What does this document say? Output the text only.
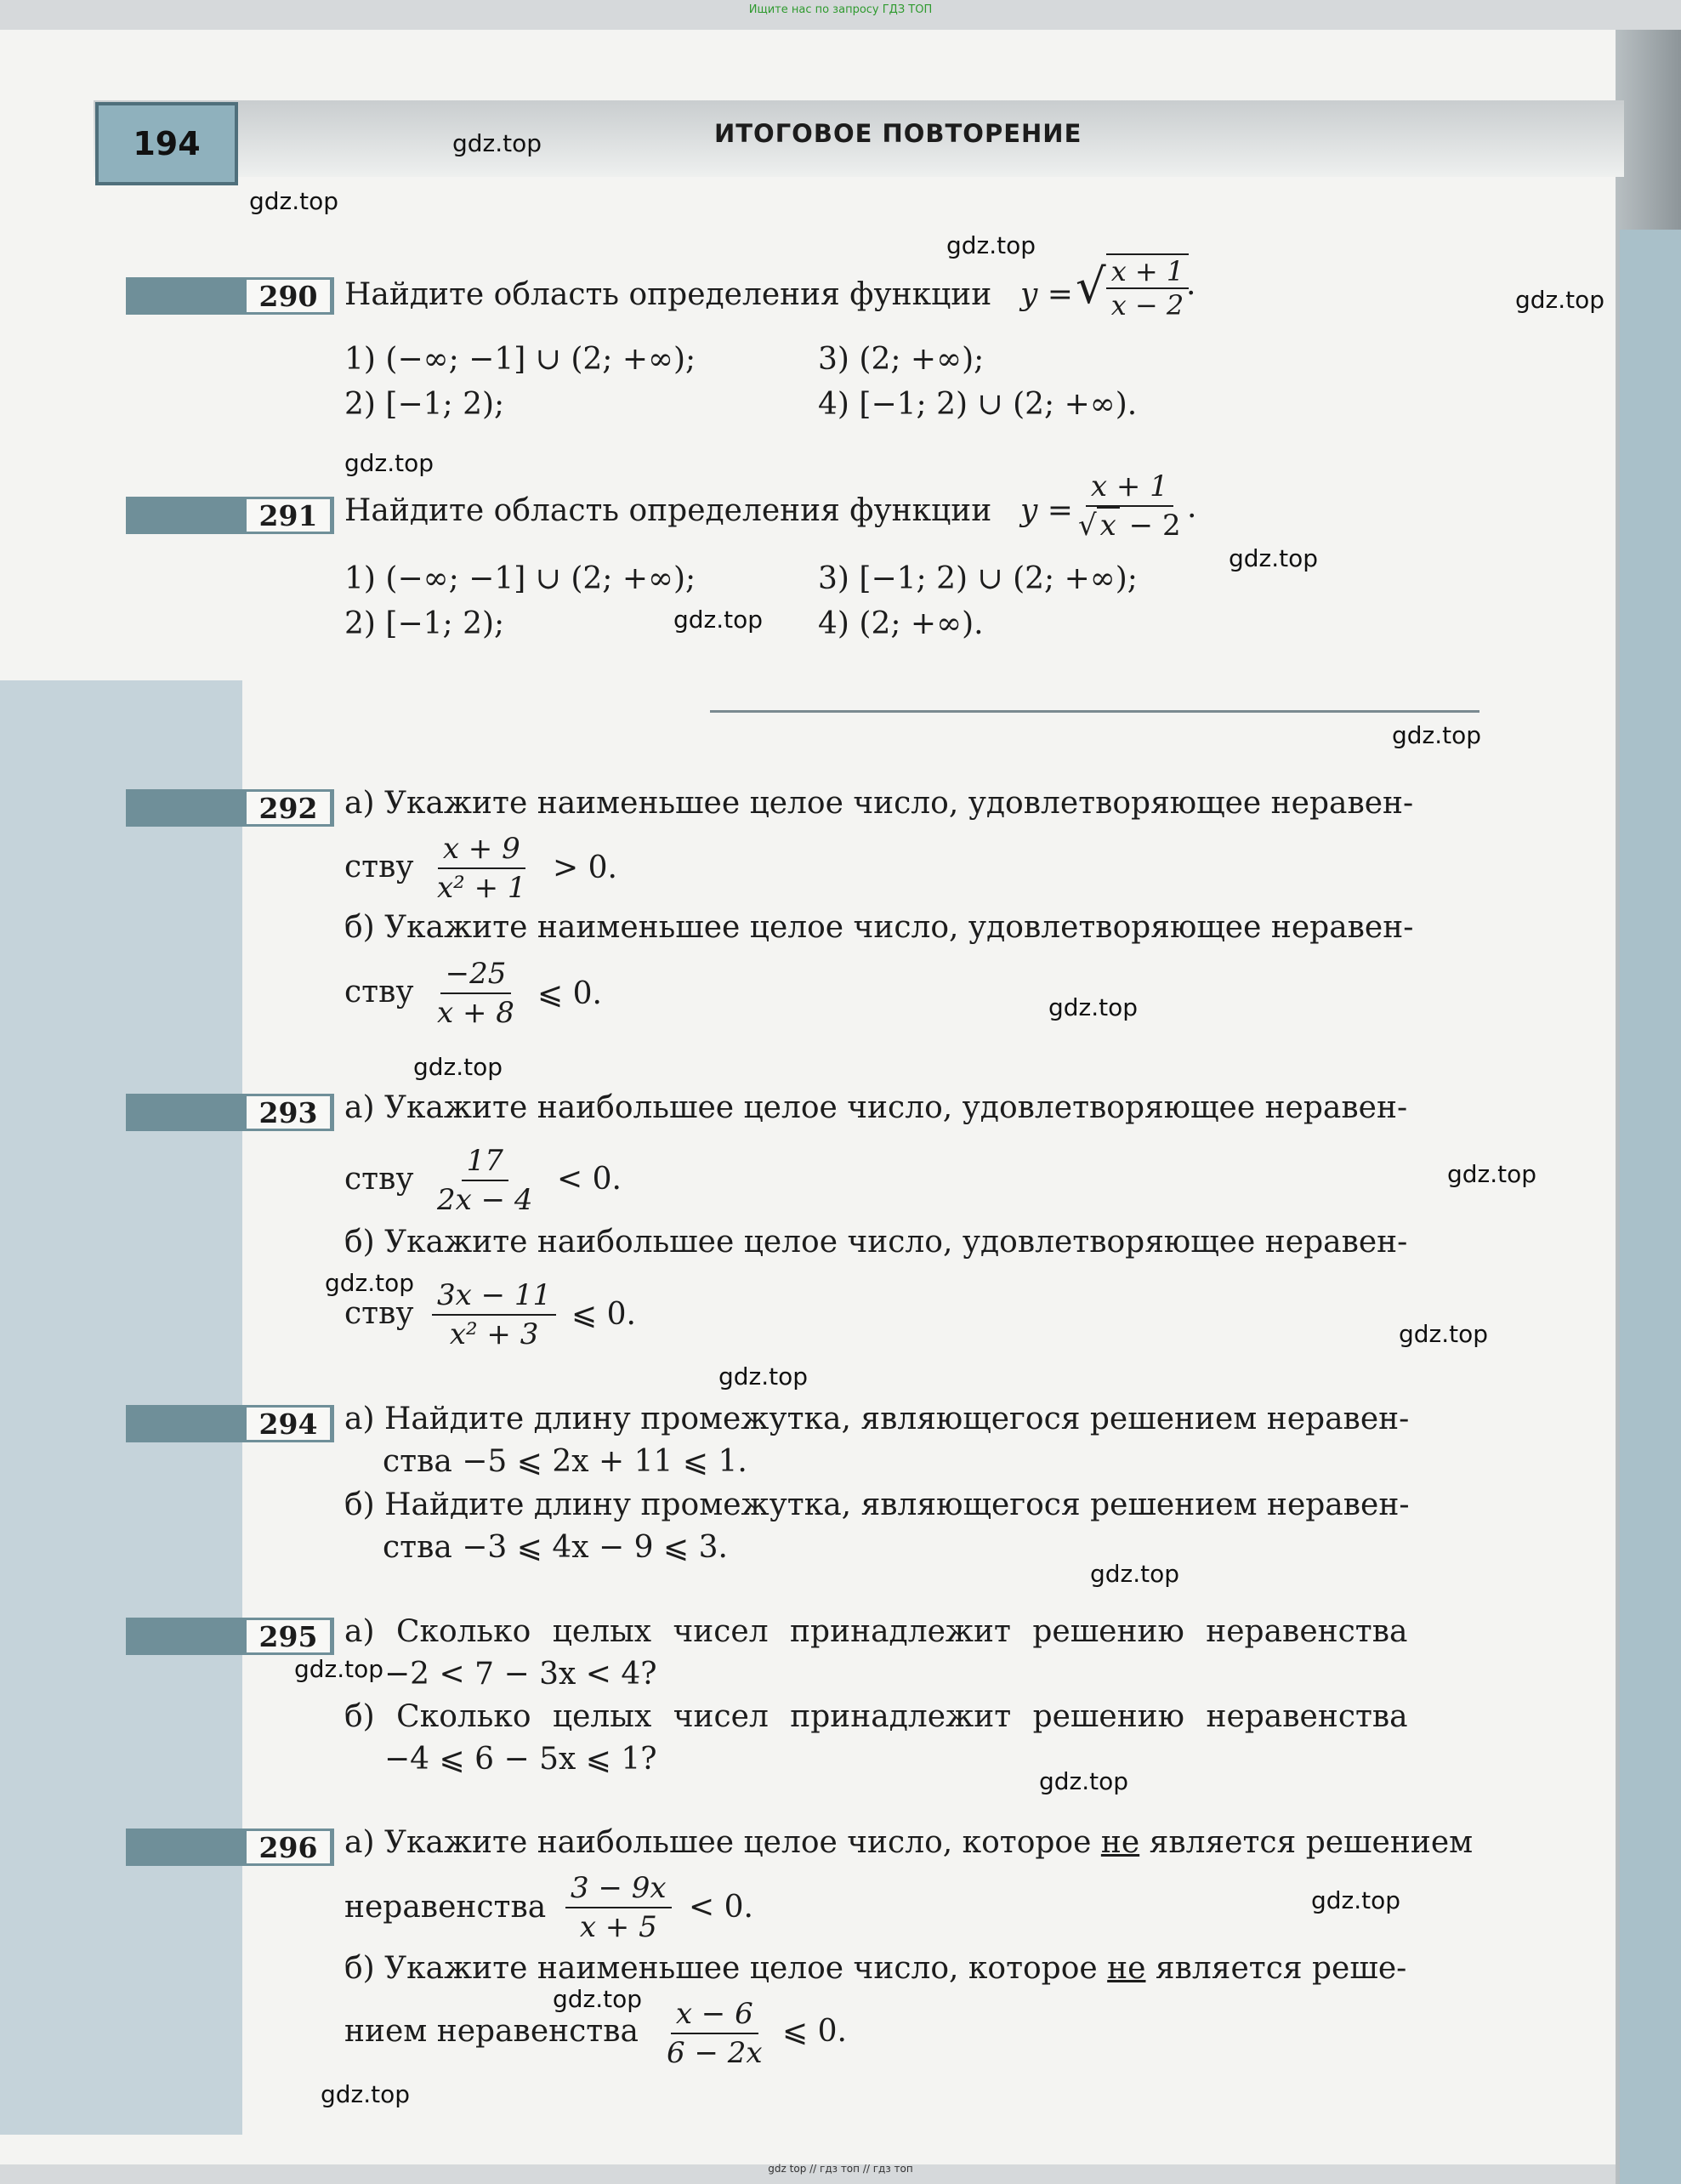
Ищите нас по запросу ГДЗ ТОП
194	ИТОГОВОЕ ПОВТОРЕНИЕ
gdz.top
gdz.top
gdz.top
gdz.top
gdz.top
gdz.top
gdz.top
gdz.top
gdz.top
gdz.top
gdz.top
gdz.top
gdz.top
gdz.top
gdz.top
gdz.top
gdz.top
gdz.top
gdz.top
gdz.top
290 Найдите область определения функции y = √ $\frac{x + 1}{x - 2}$
.
1) (−∞; −1] ∪ (2; +∞);	3) (2; +∞);
2) [−1; 2);	4) [−1; 2) ∪ (2; +∞).
291 Найдите область определения функции $y = \frac{x + 1}{√ x - 2}$ .
1) (−∞; −1] ∪ (2; +∞);	3) [−1; 2) ∪ (2; +∞);
2) [−1; 2);	4) (2; +∞).
292 а) Укажите наименьшее целое число, удовлетворяющее неравен-
ству $\frac{x + 9}{\text{x² + 1}} > 0$.
б) Укажите наименьшее целое число, удовлетворяющее неравен-
ству $\frac{-25}{x + 8}$ ⩽ 0.
293 а) Укажите наибольшее целое число, удовлетворяющее неравен-
ству $\frac{17}{2x - 4} < 0$.
б) Укажите наибольшее целое число, удовлетворяющее неравен-
ству $\frac{3x - 11}{\text{x² + 3}}$ ⩽ 0.
294 а) Найдите длину промежутка, являющегося решением неравен-
ства −5 ⩽ 2x + 11 ⩽ 1.
б) Найдите длину промежутка, являющегося решением неравен-
ства −3 ⩽ 4x − 9 ⩽ 3.
295 а) Сколько целых чисел принадлежит решению неравенства
−2 < 7 − 3x < 4?
б) Сколько целых чисел принадлежит решению неравенства
−4 ⩽ 6 − 5x ⩽ 1?
296 а) Укажите наибольшее целое число, которое не является решением
неравенства $\frac{3 - 9x}{x + 5} < 0$.
б) Укажите наименьшее целое число, которое не является реше-
нием неравенства $\frac{x - 6}{6 - 2x}$ ⩽ 0.
gdz top // гдз топ // гдз топ
